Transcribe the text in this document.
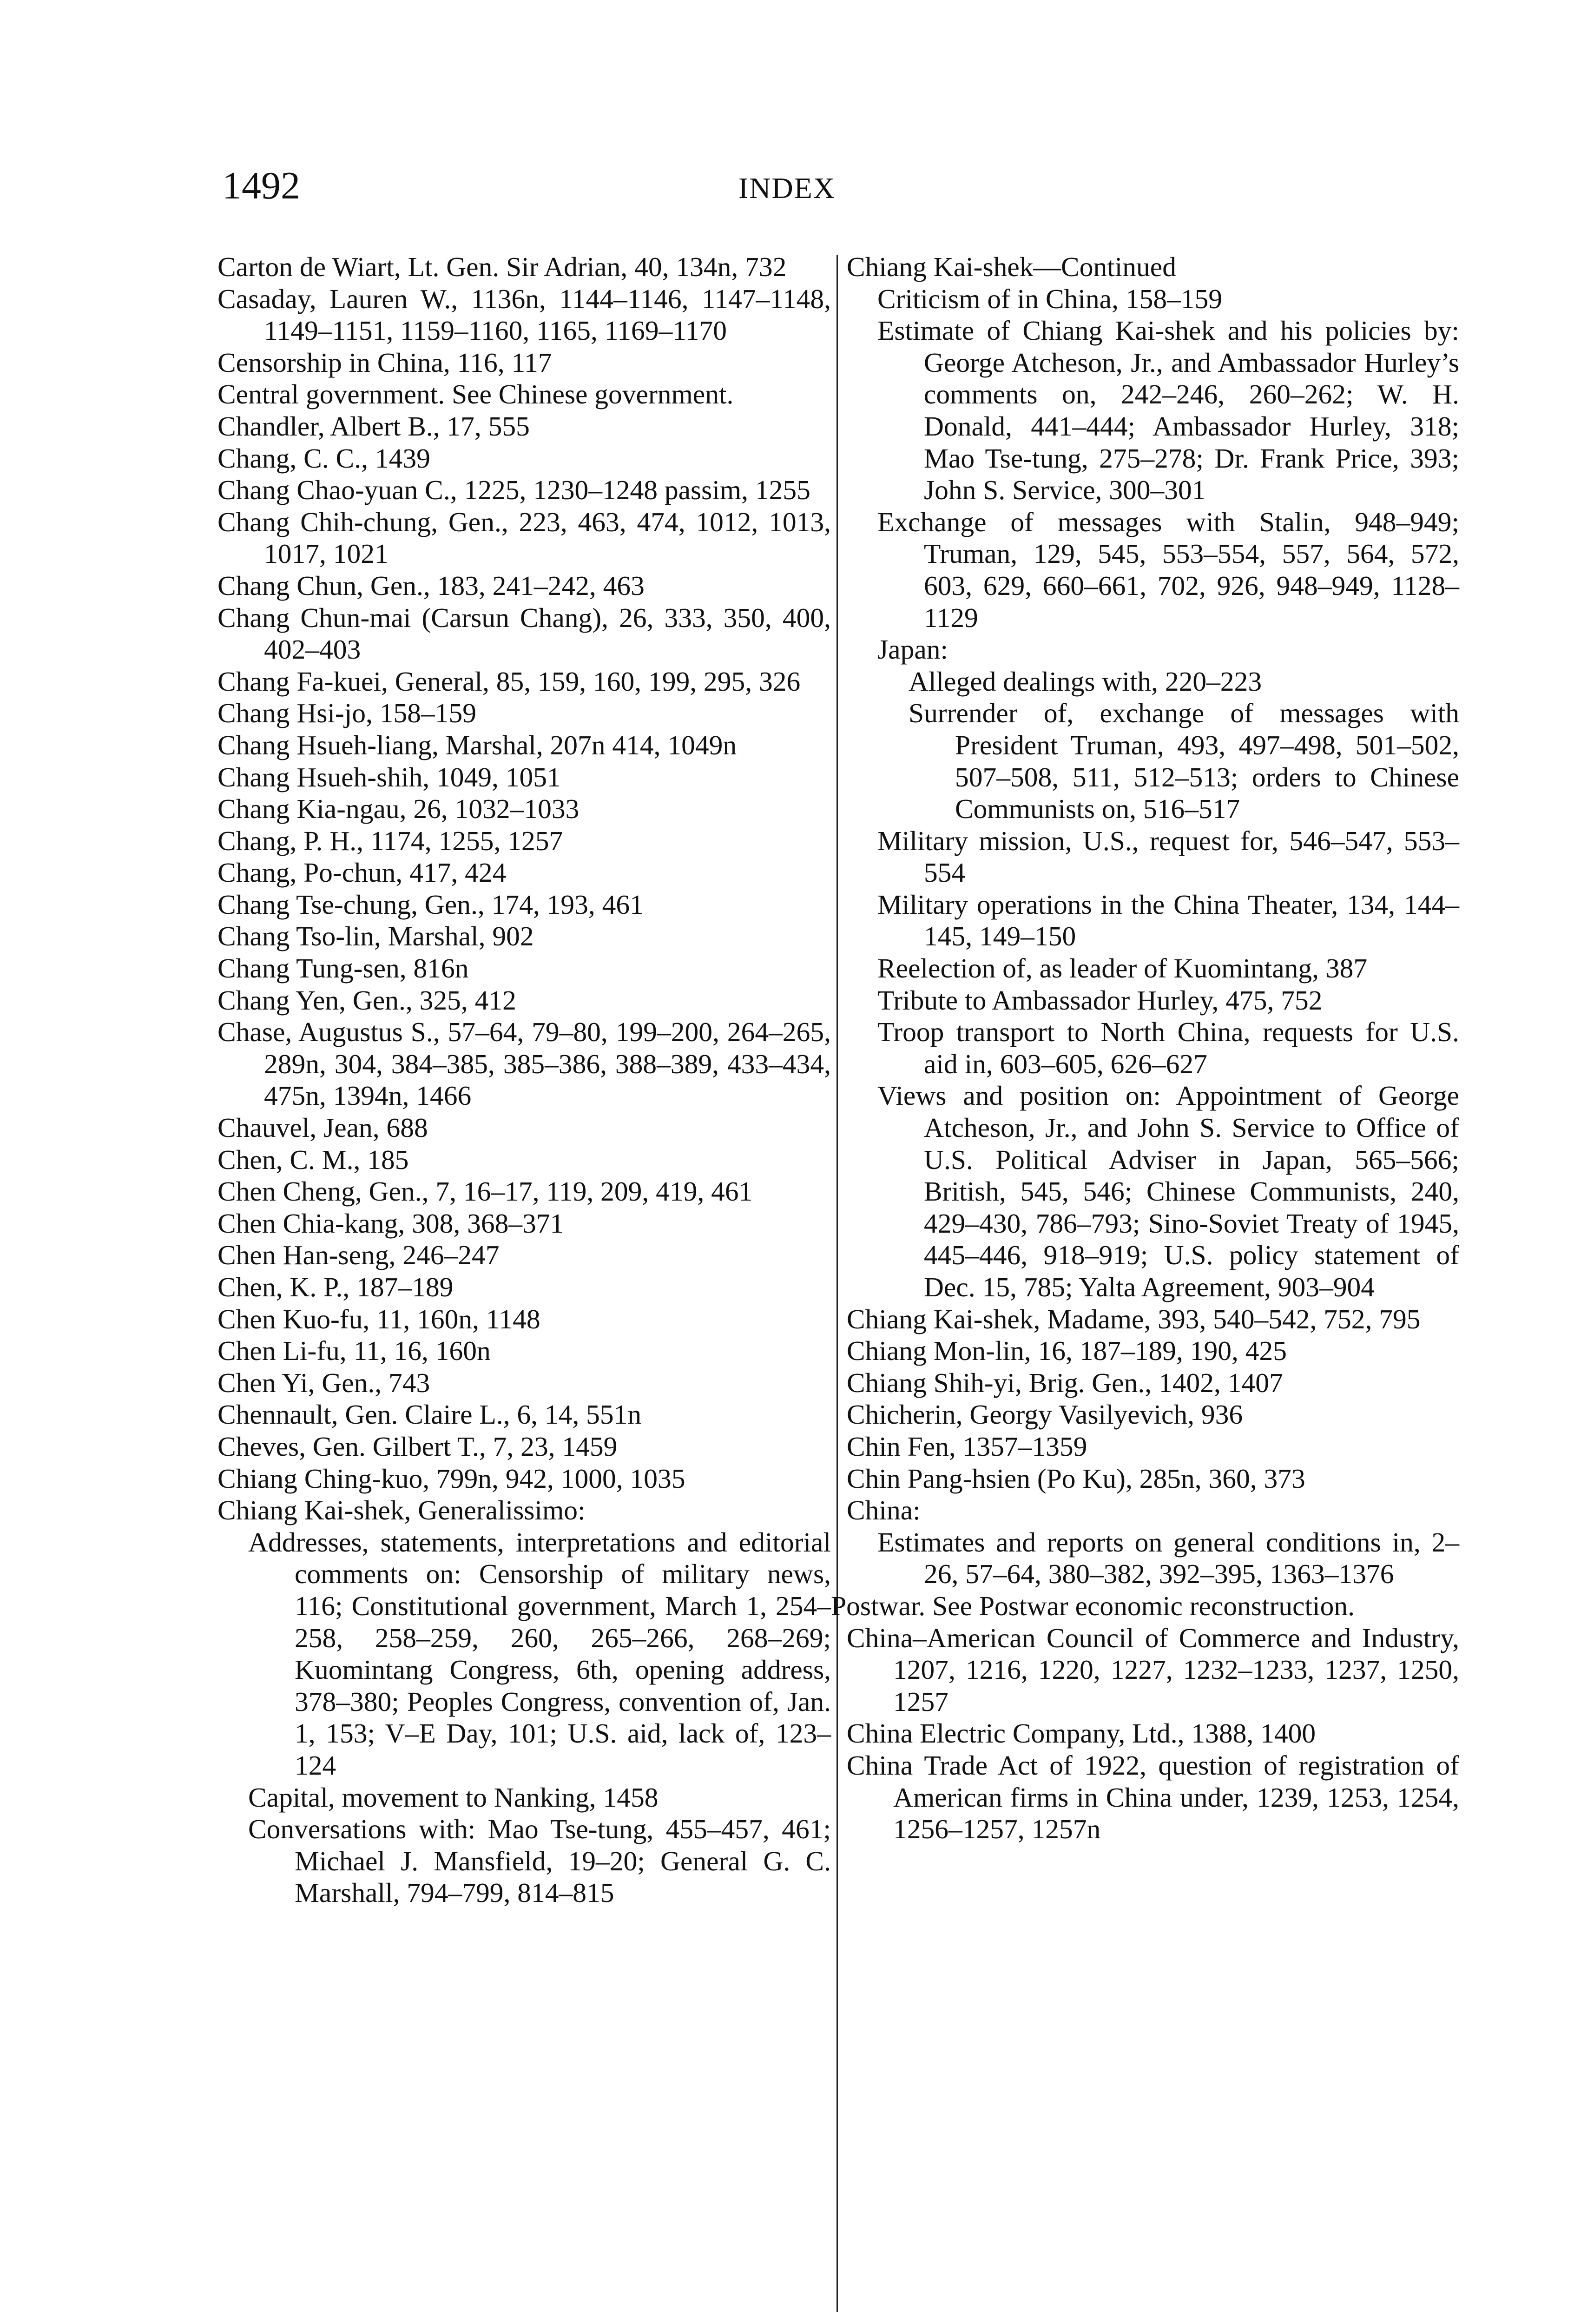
1492	INDEX

Carton de Wiart, Lt. Gen. Sir Adrian, 40, 134n, 732

Casaday, Lauren W., 1136n, 1144–1146, 1147–1148, 1149–1151, 1159–1160, 1165, 1169–1170

Censorship in China, 116, 117

Central government. See Chinese government.

Chandler, Albert B., 17, 555

Chang, C. C., 1439

Chang Chao-yuan C., 1225, 1230–1248 passim, 1255

Chang Chih-chung, Gen., 223, 463, 474, 1012, 1013, 1017, 1021

Chang Chun, Gen., 183, 241–242, 463

Chang Chun-mai (Carsun Chang), 26, 333, 350, 400, 402–403

Chang Fa-kuei, General, 85, 159, 160, 199, 295, 326

Chang Hsi-jo, 158–159

Chang Hsueh-liang, Marshal, 207n 414, 1049n

Chang Hsueh-shih, 1049, 1051

Chang Kia-ngau, 26, 1032–1033

Chang, P. H., 1174, 1255, 1257

Chang, Po-chun, 417, 424

Chang Tse-chung, Gen., 174, 193, 461

Chang Tso-lin, Marshal, 902

Chang Tung-sen, 816n

Chang Yen, Gen., 325, 412

Chase, Augustus S., 57–64, 79–80, 199–200, 264–265, 289n, 304, 384–385, 385–386, 388–389, 433–434, 475n, 1394n, 1466

Chauvel, Jean, 688

Chen, C. M., 185

Chen Cheng, Gen., 7, 16–17, 119, 209, 419, 461

Chen Chia-kang, 308, 368–371

Chen Han-seng, 246–247

Chen, K. P., 187–189

Chen Kuo-fu, 11, 160n, 1148

Chen Li-fu, 11, 16, 160n

Chen Yi, Gen., 743

Chennault, Gen. Claire L., 6, 14, 551n

Cheves, Gen. Gilbert T., 7, 23, 1459

Chiang Ching-kuo, 799n, 942, 1000, 1035

Chiang Kai-shek, Generalissimo:

Addresses, statements, interpretations and editorial comments on: Censorship of military news, 116; Constitutional government, March 1, 254–258, 258–259, 260, 265–266, 268–269; Kuomintang Congress, 6th, opening address, 378–380; Peoples Congress, convention of, Jan. 1, 153; V–E Day, 101; U.S. aid, lack of, 123–124

Capital, movement to Nanking, 1458

Conversations with: Mao Tse-tung, 455–457, 461; Michael J. Mansfield, 19–20; General G. C. Marshall, 794–799, 814–815

Chiang Kai-shek—Continued

Criticism of in China, 158–159

Estimate of Chiang Kai-shek and his policies by: George Atcheson, Jr., and Ambassador Hurley’s comments on, 242–246, 260–262; W. H. Donald, 441–444; Ambassador Hurley, 318; Mao Tse-tung, 275–278; Dr. Frank Price, 393; John S. Service, 300–301

Exchange of messages with Stalin, 948–949; Truman, 129, 545, 553–554, 557, 564, 572, 603, 629, 660–661, 702, 926, 948–949, 1128–1129

Japan:

Alleged dealings with, 220–223

Surrender of, exchange of messages with President Truman, 493, 497–498, 501–502, 507–508, 511, 512–513; orders to Chinese Communists on, 516–517

Military mission, U.S., request for, 546–547, 553–554

Military operations in the China Theater, 134, 144–145, 149–150

Reelection of, as leader of Kuomintang, 387

Tribute to Ambassador Hurley, 475, 752

Troop transport to North China, requests for U.S. aid in, 603–605, 626–627

Views and position on: Appointment of George Atcheson, Jr., and John S. Service to Office of U.S. Political Adviser in Japan, 565–566; British, 545, 546; Chinese Communists, 240, 429–430, 786–793; Sino-Soviet Treaty of 1945, 445–446, 918–919; U.S. policy statement of Dec. 15, 785; Yalta Agreement, 903–904

Chiang Kai-shek, Madame, 393, 540–542, 752, 795

Chiang Mon-lin, 16, 187–189, 190, 425

Chiang Shih-yi, Brig. Gen., 1402, 1407

Chicherin, Georgy Vasilyevich, 936

Chin Fen, 1357–1359

Chin Pang-hsien (Po Ku), 285n, 360, 373

China:

Estimates and reports on general conditions in, 2–26, 57–64, 380–382, 392–395, 1363–1376

Postwar. See Postwar economic reconstruction.

China–American Council of Commerce and Industry, 1207, 1216, 1220, 1227, 1232–1233, 1237, 1250, 1257

China Electric Company, Ltd., 1388, 1400

China Trade Act of 1922, question of registration of American firms in China under, 1239, 1253, 1254, 1256–1257, 1257n
